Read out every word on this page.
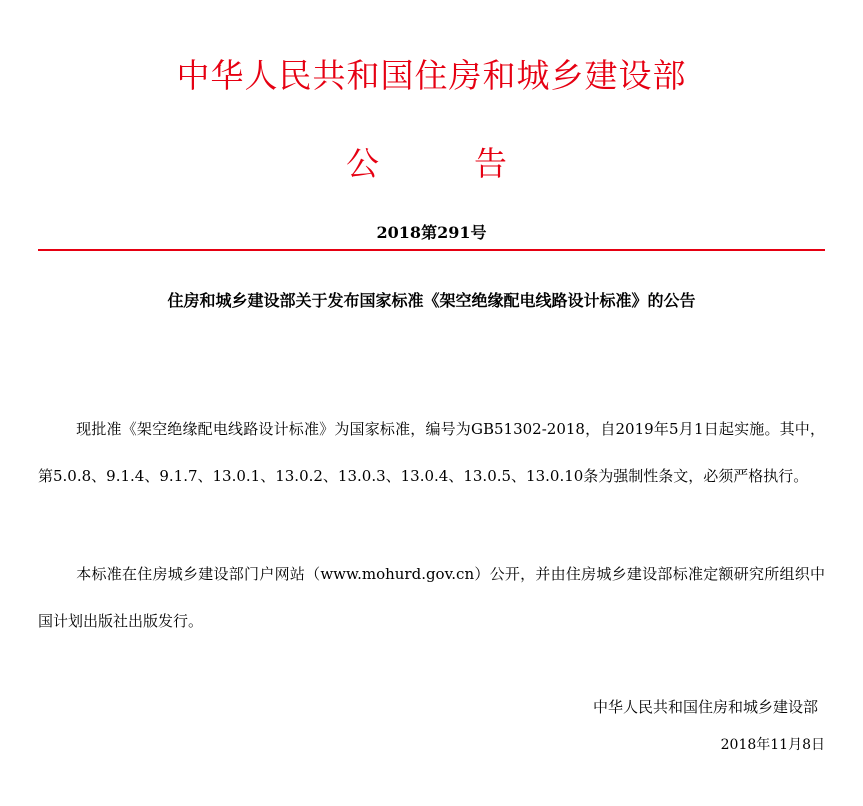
中华人民共和国住房和城乡建设部
公	告
2018第291号
住房和城乡建设部关于发布国家标准《架空绝缘配电线路设计标准》的公告
现批准《架空绝缘配电线路设计标准》为国家标准，编号为GB51302-2018，自2019年5月1日起实施。其中，第5.0.8、9.1.4、9.1.7、13.0.1、13.0.2、13.0.3、13.0.4、13.0.5、13.0.10条为强制性条文，必须严格执行。
本标准在住房城乡建设部门户网站（www.mohurd.gov.cn）公开，并由住房城乡建设部标准定额研究所组织中国计划出版社出版发行。
中华人民共和国住房和城乡建设部
2018年11月8日
